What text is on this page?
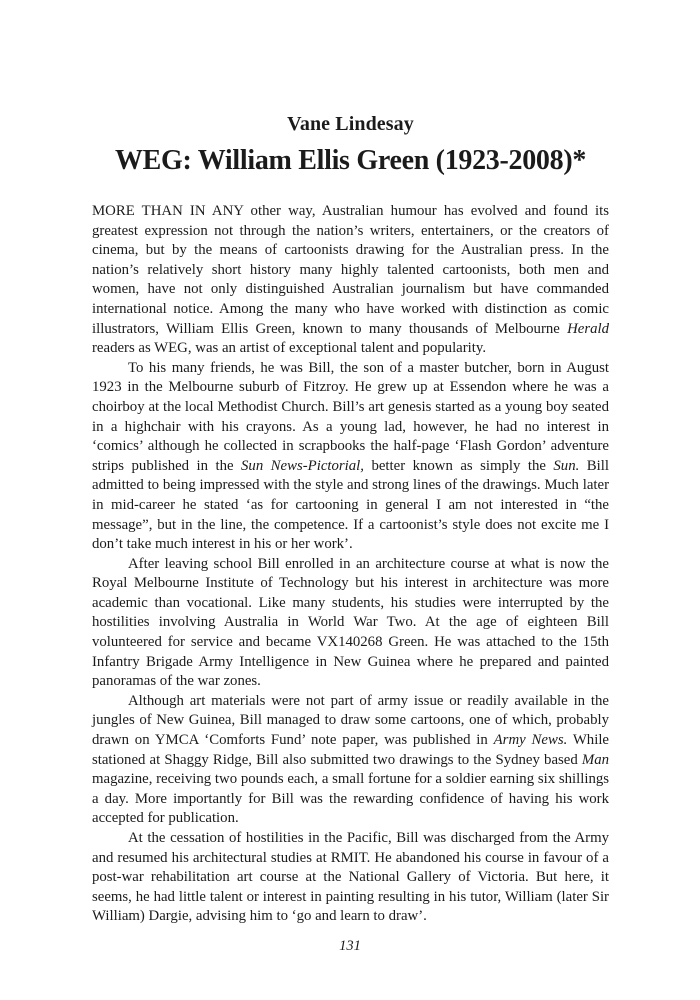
Vane Lindesay
WEG: William Ellis Green (1923-2008)*

MORE THAN IN ANY other way, Australian humour has evolved and found its greatest expression not through the nation’s writers, entertainers, or the creators of cinema, but by the means of cartoonists drawing for the Australian press. In the nation’s relatively short history many highly talented cartoonists, both men and women, have not only distinguished Australian journalism but have commanded international notice. Among the many who have worked with distinction as comic illustrators, William Ellis Green, known to many thousands of Melbourne Herald readers as WEG, was an artist of exceptional talent and popularity.

To his many friends, he was Bill, the son of a master butcher, born in August 1923 in the Melbourne suburb of Fitzroy. He grew up at Essendon where he was a choirboy at the local Methodist Church. Bill’s art genesis started as a young boy seated in a highchair with his crayons. As a young lad, however, he had no interest in ‘comics’ although he collected in scrapbooks the half-page ‘Flash Gordon’ adventure strips published in the Sun News-Pictorial, better known as simply the Sun. Bill admitted to being impressed with the style and strong lines of the drawings. Much later in mid-career he stated ‘as for cartooning in general I am not interested in “the message”, but in the line, the competence. If a cartoonist’s style does not excite me I don’t take much interest in his or her work’.

After leaving school Bill enrolled in an architecture course at what is now the Royal Melbourne Institute of Technology but his interest in architecture was more academic than vocational. Like many students, his studies were interrupted by the hostilities involving Australia in World War Two. At the age of eighteen Bill volunteered for service and became VX140268 Green. He was attached to the 15th Infantry Brigade Army Intelligence in New Guinea where he prepared and painted panoramas of the war zones.

Although art materials were not part of army issue or readily available in the jungles of New Guinea, Bill managed to draw some cartoons, one of which, probably drawn on YMCA ‘Comforts Fund’ note paper, was published in Army News. While stationed at Shaggy Ridge, Bill also submitted two drawings to the Sydney based Man magazine, receiving two pounds each, a small fortune for a soldier earning six shillings a day. More importantly for Bill was the rewarding confidence of having his work accepted for publication.

At the cessation of hostilities in the Pacific, Bill was discharged from the Army and resumed his architectural studies at RMIT. He abandoned his course in favour of a post-war rehabilitation art course at the National Gallery of Victoria. But here, it seems, he had little talent or interest in painting resulting in his tutor, William (later Sir William) Dargie, advising him to ‘go and learn to draw’.

131
